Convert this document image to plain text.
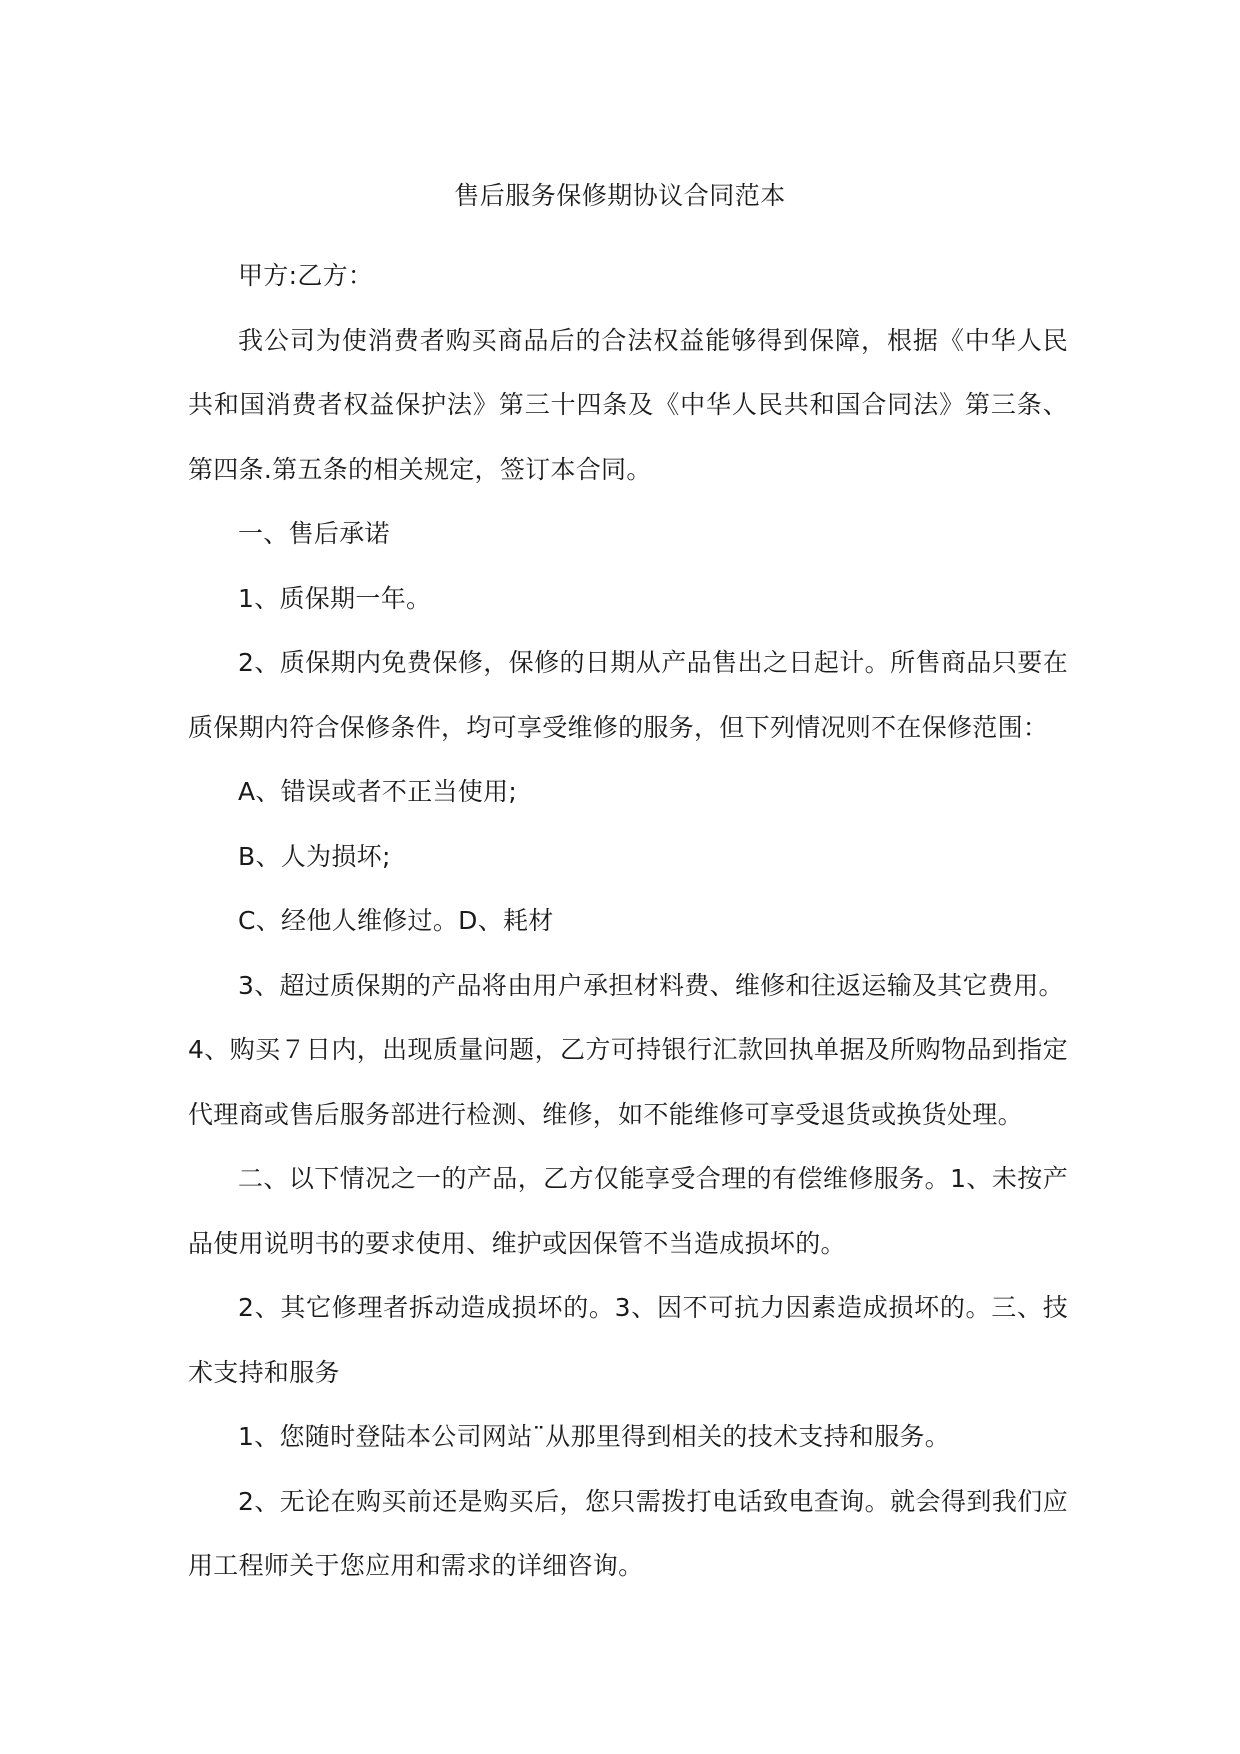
售后服务保修期协议合同范本

甲方:乙方：

我公司为使消费者购买商品后的合法权益能够得到保障，根据《中华人民共和国消费者权益保护法》第三十四条及《中华人民共和国合同法》第三条、第四条.第五条的相关规定，签订本合同。

一、售后承诺

1、质保期一年。

2、质保期内免费保修，保修的日期从产品售出之日起计。所售商品只要在质保期内符合保修条件，均可享受维修的服务，但下列情况则不在保修范围：

A、错误或者不正当使用;

B、人为损坏;

C、经他人维修过。D、耗材

3、超过质保期的产品将由用户承担材料费、维修和往返运输及其它费用。

4、购买７日内，出现质量问题，乙方可持银行汇款回执单据及所购物品到指定代理商或售后服务部进行检测、维修，如不能维修可享受退货或换货处理。

二、以下情况之一的产品，乙方仅能享受合理的有偿维修服务。1、未按产品使用说明书的要求使用、维护或因保管不当造成损坏的。

2、其它修理者拆动造成损坏的。3、因不可抗力因素造成损坏的。三、技术支持和服务

1、您随时登陆本公司网站¨从那里得到相关的技术支持和服务。

2、无论在购买前还是购买后，您只需拨打电话致电查询。就会得到我们应用工程师关于您应用和需求的详细咨询。
